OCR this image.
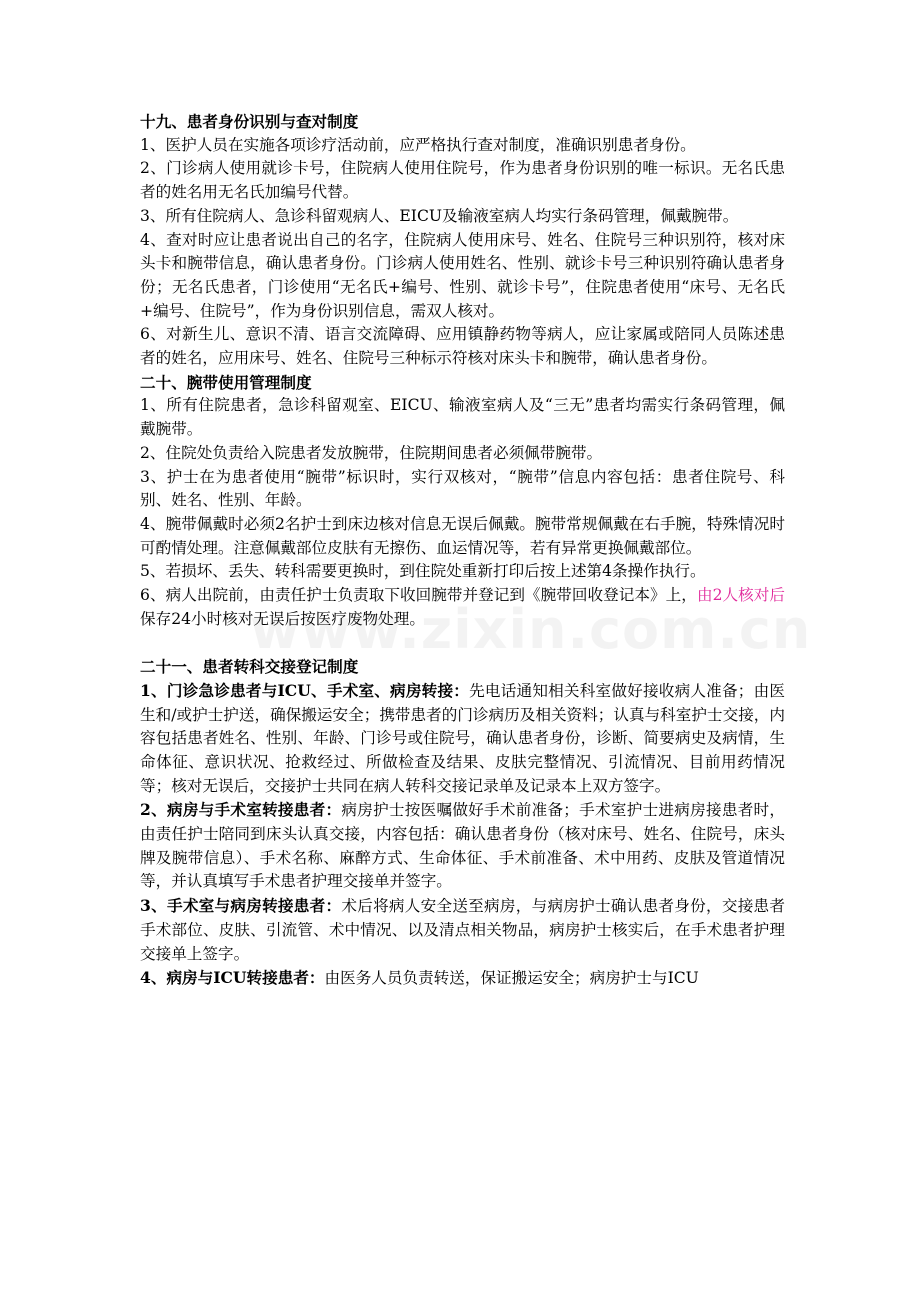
十九、患者身份识别与查对制度

1、医护人员在实施各项诊疗活动前，应严格执行查对制度，准确识别患者身份。

2、门诊病人使用就诊卡号，住院病人使用住院号，作为患者身份识别的唯一标识。无名氏患者的姓名用无名氏加编号代替。

3、所有住院病人、急诊科留观病人、EICU及输液室病人均实行条码管理，佩戴腕带。

4、查对时应让患者说出自己的名字，住院病人使用床号、姓名、住院号三种识别符，核对床头卡和腕带信息，确认患者身份。门诊病人使用姓名、性别、就诊卡号三种识别符确认患者身份；无名氏患者，门诊使用“无名氏+编号、性别、就诊卡号”，住院患者使用“床号、无名氏+编号、住院号”，作为身份识别信息，需双人核对。

6、对新生儿、意识不清、语言交流障碍、应用镇静药物等病人，应让家属或陪同人员陈述患者的姓名，应用床号、姓名、住院号三种标示符核对床头卡和腕带，确认患者身份。

二十、腕带使用管理制度

1、所有住院患者，急诊科留观室、EICU、输液室病人及“三无”患者均需实行条码管理，佩戴腕带。

2、住院处负责给入院患者发放腕带，住院期间患者必须佩带腕带。

3、护士在为患者使用“腕带”标识时，实行双核对，“腕带”信息内容包括：患者住院号、科别、姓名、性别、年龄。

4、腕带佩戴时必须2名护士到床边核对信息无误后佩戴。腕带常规佩戴在右手腕，特殊情况时可酌情处理。注意佩戴部位皮肤有无擦伤、血运情况等，若有异常更换佩戴部位。

5、若损坏、丢失、转科需要更换时，到住院处重新打印后按上述第4条操作执行。

6、病人出院前，由责任护士负责取下收回腕带并登记到《腕带回收登记本》上，由2人核对后保存24小时核对无误后按医疗废物处理。

二十一、患者转科交接登记制度

1、门诊急诊患者与ICU、手术室、病房转接：先电话通知相关科室做好接收病人准备；由医生和/或护士护送，确保搬运安全；携带患者的门诊病历及相关资料；认真与科室护士交接，内容包括患者姓名、性别、年龄、门诊号或住院号，确认患者身份，诊断、简要病史及病情，生命体征、意识状况、抢救经过、所做检查及结果、皮肤完整情况、引流情况、目前用药情况等；核对无误后，交接护士共同在病人转科交接记录单及记录本上双方签字。

2、病房与手术室转接患者：病房护士按医嘱做好手术前准备；手术室护士进病房接患者时，由责任护士陪同到床头认真交接，内容包括：确认患者身份（核对床号、姓名、住院号，床头牌及腕带信息）、手术名称、麻醉方式、生命体征、手术前准备、术中用药、皮肤及管道情况等，并认真填写手术患者护理交接单并签字。

3、手术室与病房转接患者：术后将病人安全送至病房，与病房护士确认患者身份，交接患者手术部位、皮肤、引流管、术中情况、以及清点相关物品，病房护士核实后，在手术患者护理交接单上签字。

4、病房与ICU转接患者：由医务人员负责转送，保证搬运安全；病房护士与ICU
